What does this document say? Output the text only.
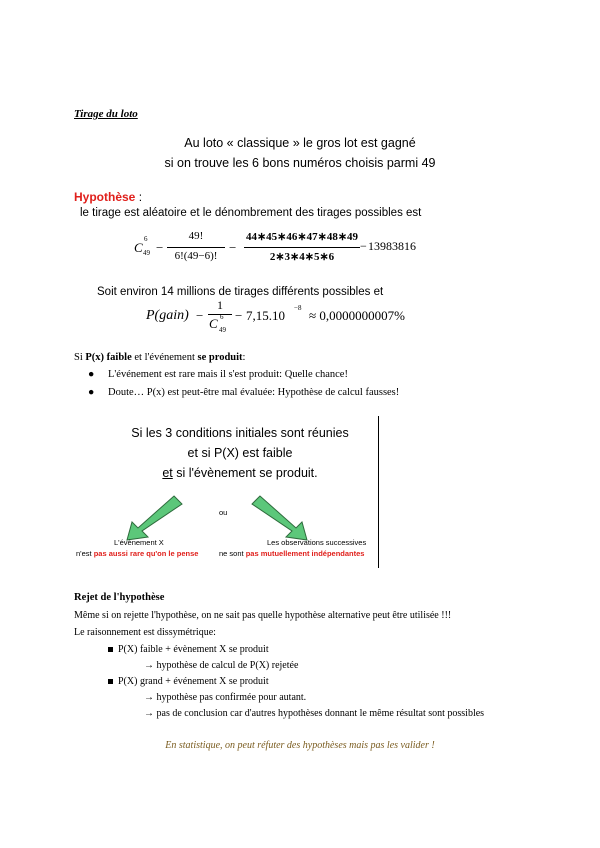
Tirage du loto
Au loto « classique » le gros lot est gagné
si on trouve les 6 bons numéros choisis parmi 49
Hypothèse :
le tirage est aléatoire et le dénombrement des tirages possibles est
C
6
49 −
49!
6!(49−6)!
−
44∗45∗46∗47∗48∗49
2∗3∗4∗5∗6
− 13983816
Soit environ 14 millions de tirages différents possibles et
P(gain) −
1
C 6
49
− 7,15.10 −8 ≈ 0,0000000007%
Si P(x) faible et l'événement se produit:
● L'événement est rare mais il s'est produit: Quelle chance!
● Doute… P(x) est peut-être mal évaluée: Hypothèse de calcul fausses!
Si les 3 conditions initiales sont réunies
et si P(X) est faible
et si l'évènement se produit.
ou
L'évènement X
n'est pas aussi rare qu'on le pense
Les observations successives
ne sont pas mutuellement indépendantes
Rejet de l'hypothèse
Même si on rejette l'hypothèse, on ne sait pas quelle hypothèse alternative peut être utilisée !!!
Le raisonnement est dissymétrique:
P(X) faible + évènement X se produit
→ hypothèse de calcul de P(X) rejetée
P(X) grand + événement X se produit
→ hypothèse pas confirmée pour autant.
→ pas de conclusion car d'autres hypothèses donnant le même résultat sont possibles
En statistique, on peut réfuter des hypothèses mais pas les valider !
